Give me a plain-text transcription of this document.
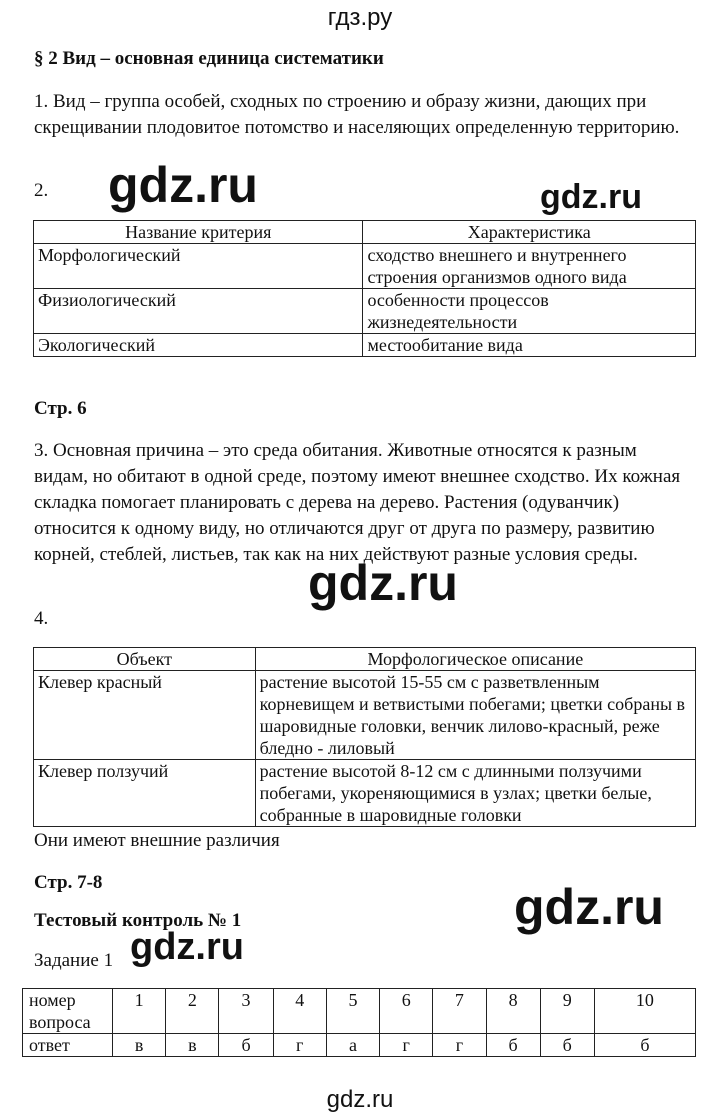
гдз.ру
gdz.ru	gdz.ru
gdz.ru
gdz.ru
gdz.ru
gdz.ru
§ 2 Вид – основная единица систематики
1. Вид – группа особей, сходных по строению и образу жизни, дающих при скрещивании плодовитое потомство и населяющих определенную территорию.
2.
Название критерия	Характеристика
Морфологический	сходство внешнего и внутреннего строения организмов одного вида
Физиологический	особенности процессов жизнедеятельности
Экологический	местообитание вида
Стр. 6
3. Основная причина – это среда обитания. Животные относятся к разным видам, но обитают в одной среде, поэтому имеют внешнее сходство. Их кожная складка помогает планировать с дерева на дерево. Растения (одуванчик) относится к одному виду, но отличаются друг от друга по размеру, развитию корней, стеблей, листьев, так как на них действуют разные условия среды.
4.
Объект	Морфологическое описание
Клевер красный	растение высотой 15-55 см с разветвленным корневищем и ветвистыми побегами; цветки собраны в шаровидные головки, венчик лилово-красный, реже бледно - лиловый
Клевер ползучий	растение высотой 8-12 см с длинными ползучими побегами, укореняющимися в узлах; цветки белые, собранные в шаровидные головки
Они имеют внешние различия
Стр. 7-8
Тестовый контроль № 1
Задание 1
номер вопроса	1	2	3	4	5	6	7	8	9	10
ответ	в	в	б	г	а	г	г	б	б	б
